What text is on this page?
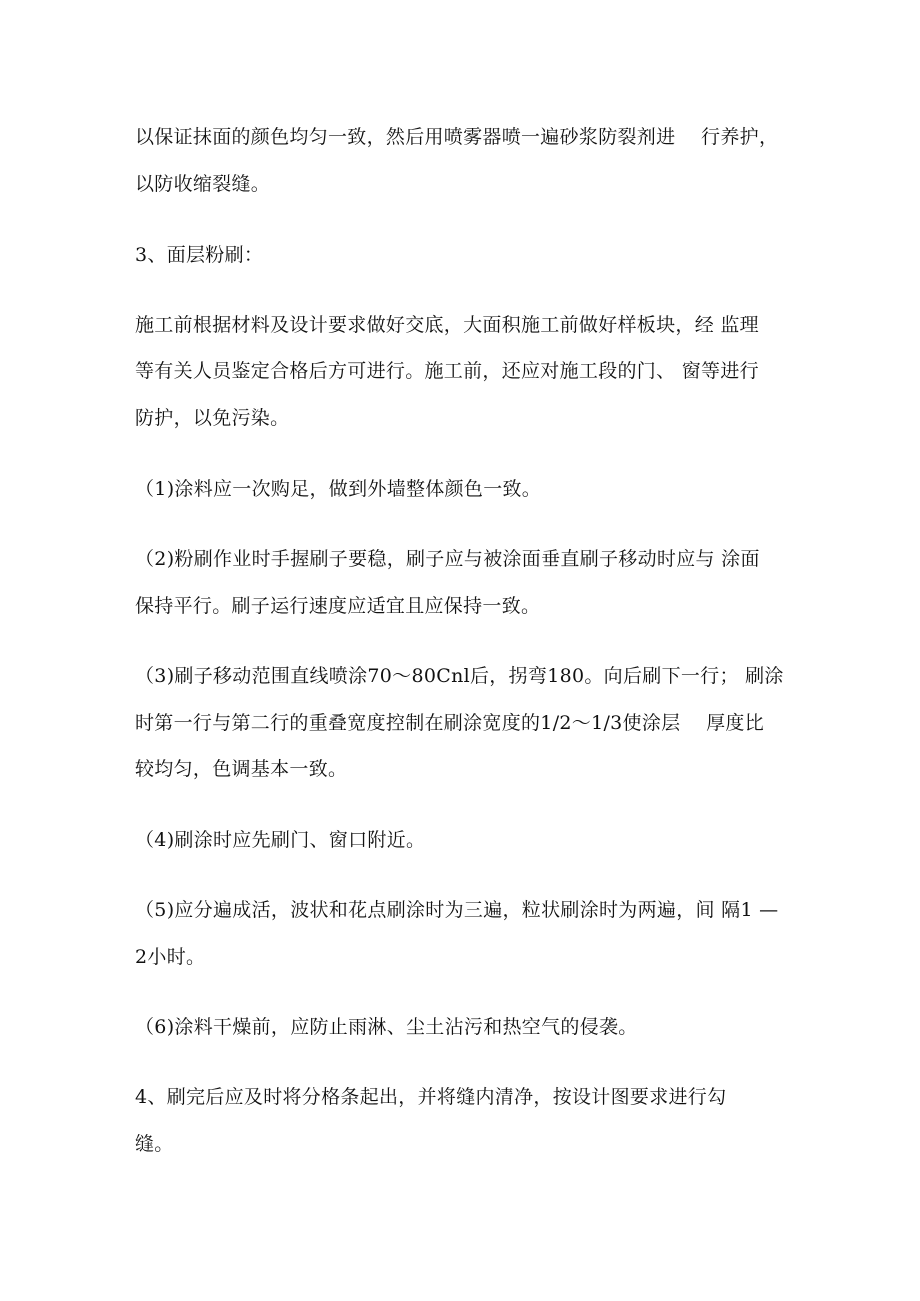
以保证抹面的颜色均匀一致，然后用喷雾器喷一遍砂浆防裂剂进　 行养护，
以防收缩裂缝。
3、面层粉刷：
施工前根据材料及设计要求做好交底，大面积施工前做好样板块，经 监理
等有关人员鉴定合格后方可进行。施工前，还应对施工段的门、 窗等进行
防护，以免污染。
（1)涂料应一次购足，做到外墙整体颜色一致。
（2)粉刷作业时手握刷子要稳，刷子应与被涂面垂直刷子移动时应与 涂面
保持平行。刷子运行速度应适宜且应保持一致。
（3)刷子移动范围直线喷涂70～80Cnl后，拐弯180。向后刷下一行； 刷涂
时第一行与第二行的重叠宽度控制在刷涂宽度的1/2～1/3使涂层　 厚度比
较均匀，色调基本一致。
（4)刷涂时应先刷门、窗口附近。
（5)应分遍成活，波状和花点刷涂时为三遍，粒状刷涂时为两遍，间 隔1 —
2小时。
（6)涂料干燥前，应防止雨淋、尘土沾污和热空气的侵袭。
4、刷完后应及时将分格条起出，并将缝内清净，按设计图要求进行勾
缝。
